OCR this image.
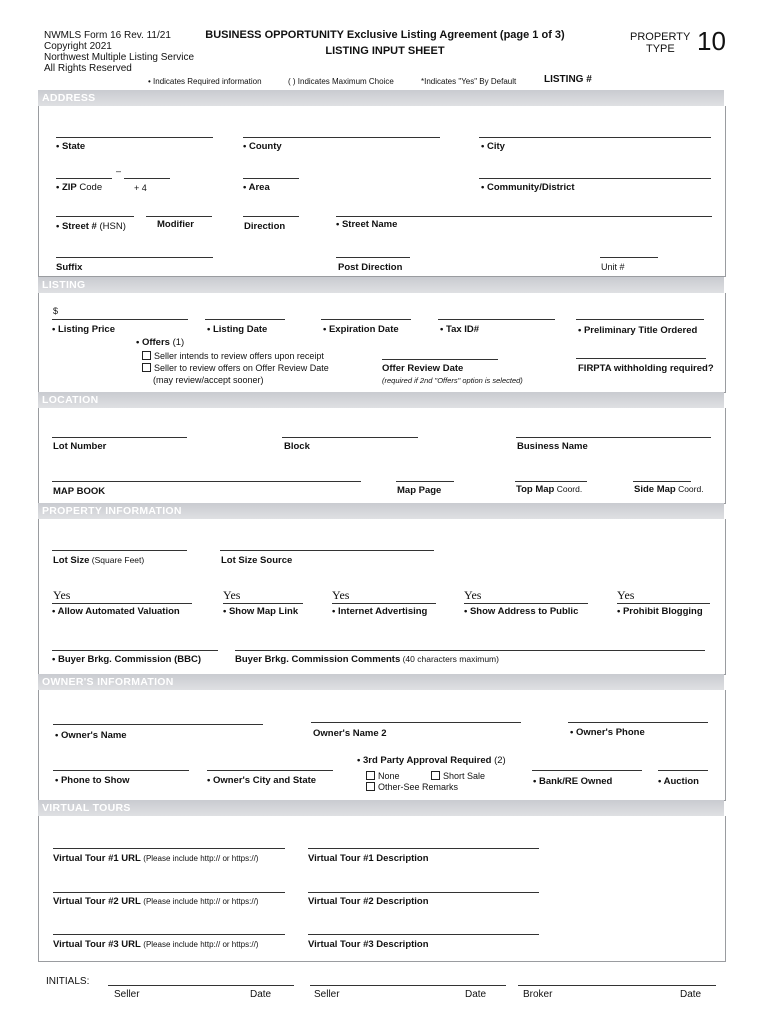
NWMLS Form 16 Rev. 11/21
Copyright 2021
Northwest Multiple Listing Service
All Rights Reserved
BUSINESS OPPORTUNITY Exclusive Listing Agreement (page 1 of 3)
LISTING INPUT SHEET
PROPERTY
TYPE 10
• Indicates Required information	( ) Indicates Maximum Choice	*Indicates "Yes" By Default	LISTING #
ADDRESS
• State	• County	• City
–
• ZIP Code	+ 4	• Area	• Community/District
• Street # (HSN)	Modifier	Direction	• Street Name
Suffix	Post Direction	Unit #
LISTING
$
• Listing Price	• Listing Date	• Expiration Date	• Tax ID#	• Preliminary Title Ordered
• Offers (1)
Seller intends to review offers upon receipt
Seller to review offers on Offer Review Date
(may review/accept sooner)
Offer Review Date
(required if 2nd "Offers" option is selected)
FIRPTA withholding required?
LOCATION
Lot Number	Block	Business Name
MAP BOOK	Map Page	Top Map Coord.	Side Map Coord.
PROPERTY INFORMATION
Lot Size (Square Feet)	Lot Size Source
Yes	Yes	Yes	Yes	Yes
• Allow Automated Valuation	• Show Map Link	• Internet Advertising	• Show Address to Public	• Prohibit Blogging
• Buyer Brkg. Commission (BBC)	Buyer Brkg. Commission Comments (40 characters maximum)
OWNER'S INFORMATION
• Owner's Name	Owner's Name 2	• Owner's Phone
• 3rd Party Approval Required (2)
None	Short Sale
Other-See Remarks
• Phone to Show	• Owner's City and State	• Bank/RE Owned	• Auction
VIRTUAL TOURS
Virtual Tour #1 URL (Please include http:// or https://)	Virtual Tour #1 Description
Virtual Tour #2 URL (Please include http:// or https://)	Virtual Tour #2 Description
Virtual Tour #3 URL (Please include http:// or https://)	Virtual Tour #3 Description
INITIALS:
Seller	Date	Seller	Date	Broker	Date
